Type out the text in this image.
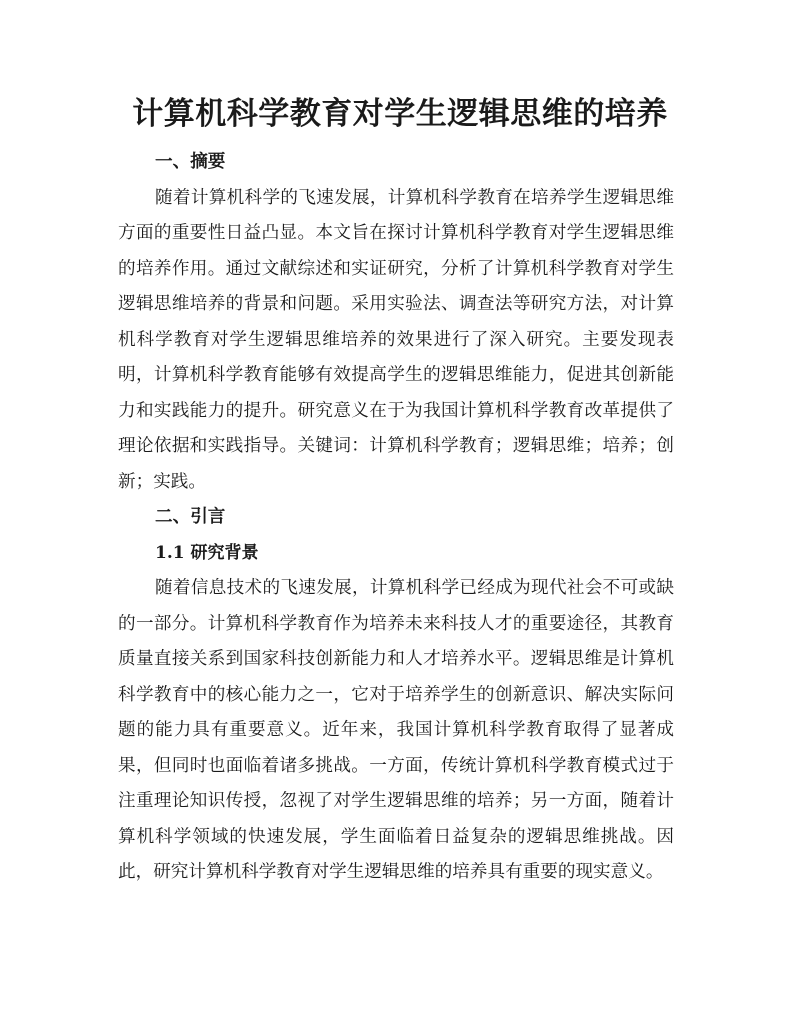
计算机科学教育对学生逻辑思维的培养
一、摘要

随着计算机科学的飞速发展，计算机科学教育在培养学生逻辑思维方面的重要性日益凸显。本文旨在探讨计算机科学教育对学生逻辑思维的培养作用。通过文献综述和实证研究，分析了计算机科学教育对学生逻辑思维培养的背景和问题。采用实验法、调查法等研究方法，对计算机科学教育对学生逻辑思维培养的效果进行了深入研究。主要发现表明，计算机科学教育能够有效提高学生的逻辑思维能力，促进其创新能力和实践能力的提升。研究意义在于为我国计算机科学教育改革提供了理论依据和实践指导。关键词：计算机科学教育；逻辑思维；培养；创新；实践。

二、引言
1.1 研究背景

随着信息技术的飞速发展，计算机科学已经成为现代社会不可或缺的一部分。计算机科学教育作为培养未来科技人才的重要途径，其教育质量直接关系到国家科技创新能力和人才培养水平。逻辑思维是计算机科学教育中的核心能力之一，它对于培养学生的创新意识、解决实际问题的能力具有重要意义。近年来，我国计算机科学教育取得了显著成果，但同时也面临着诸多挑战。一方面，传统计算机科学教育模式过于注重理论知识传授，忽视了对学生逻辑思维的培养；另一方面，随着计算机科学领域的快速发展，学生面临着日益复杂的逻辑思维挑战。因此，研究计算机科学教育对学生逻辑思维的培养具有重要的现实意义。
